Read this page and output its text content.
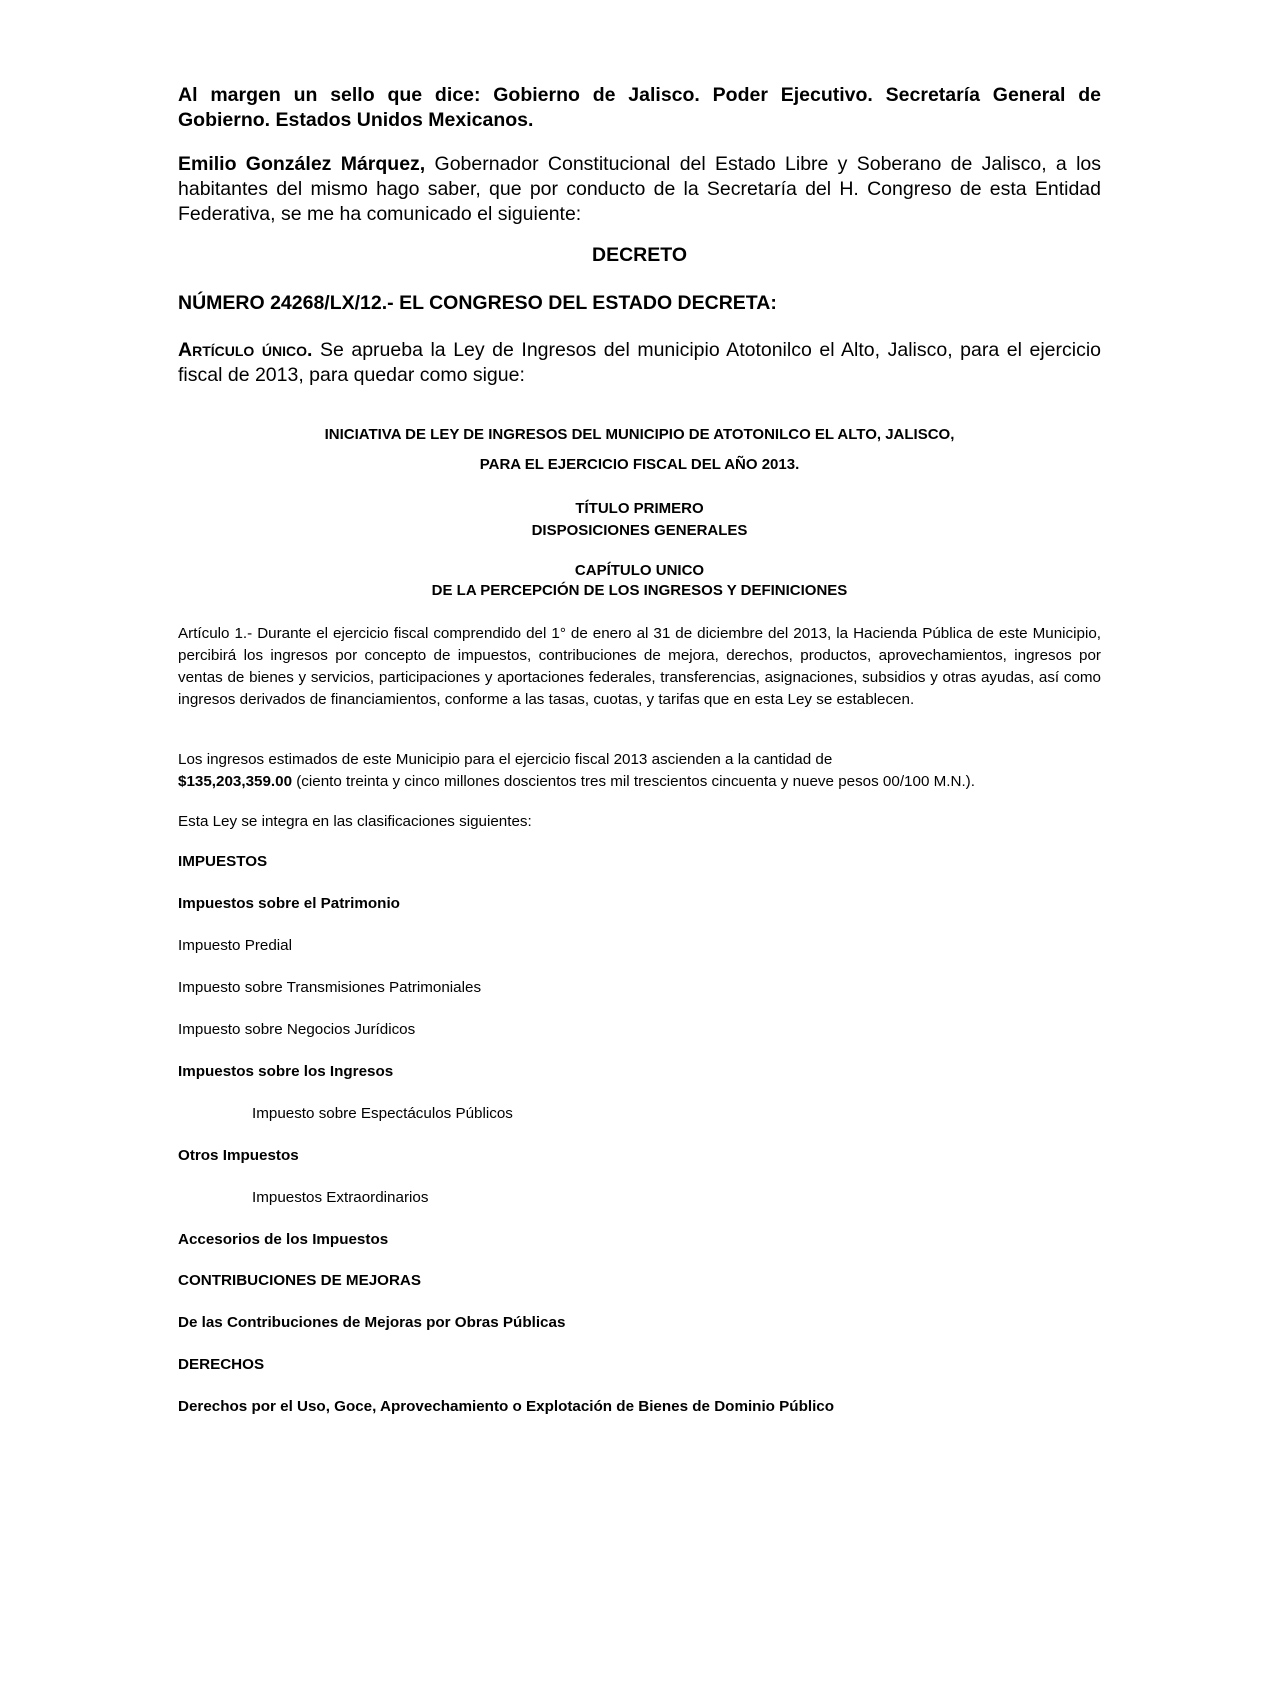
Al margen un sello que dice: Gobierno de Jalisco. Poder Ejecutivo. Secretaría General de Gobierno. Estados Unidos Mexicanos.

Emilio González Márquez, Gobernador Constitucional del Estado Libre y Soberano de Jalisco, a los habitantes del mismo hago saber, que por conducto de la Secretaría del H. Congreso de esta Entidad Federativa, se me ha comunicado el siguiente:

DECRETO

NÚMERO 24268/LX/12.- EL CONGRESO DEL ESTADO DECRETA:

Artículo único. Se aprueba la Ley de Ingresos del municipio Atotonilco el Alto, Jalisco, para el ejercicio fiscal de 2013, para quedar como sigue:

INICIATIVA DE LEY DE INGRESOS DEL MUNICIPIO DE ATOTONILCO EL ALTO, JALISCO,

PARA EL EJERCICIO FISCAL DEL AÑO 2013.

TÍTULO PRIMERO

DISPOSICIONES GENERALES

CAPÍTULO UNICO

DE LA PERCEPCIÓN DE LOS INGRESOS Y DEFINICIONES

Artículo 1.- Durante el ejercicio fiscal comprendido del 1° de enero al 31 de diciembre del 2013, la Hacienda Pública de este Municipio, percibirá los ingresos por concepto de impuestos, contribuciones de mejora, derechos, productos, aprovechamientos, ingresos por ventas de bienes y servicios, participaciones y aportaciones federales, transferencias, asignaciones, subsidios y otras ayudas, así como ingresos derivados de financiamientos, conforme a las tasas, cuotas, y tarifas que en esta Ley se establecen.

Los ingresos estimados de este Municipio para el ejercicio fiscal 2013 ascienden a la cantidad de

$135,203,359.00 (ciento treinta y cinco millones doscientos tres mil trescientos cincuenta y nueve pesos 00/100 M.N.).

Esta Ley se integra en las clasificaciones siguientes:

IMPUESTOS

Impuestos sobre el Patrimonio

Impuesto Predial

Impuesto sobre Transmisiones Patrimoniales

Impuesto sobre Negocios Jurídicos

Impuestos sobre los Ingresos

Impuesto sobre Espectáculos Públicos

Otros Impuestos

Impuestos Extraordinarios

Accesorios de los Impuestos

CONTRIBUCIONES DE MEJORAS

De las Contribuciones de Mejoras por Obras Públicas

DERECHOS

Derechos por el Uso, Goce, Aprovechamiento o Explotación de Bienes de Dominio Público
